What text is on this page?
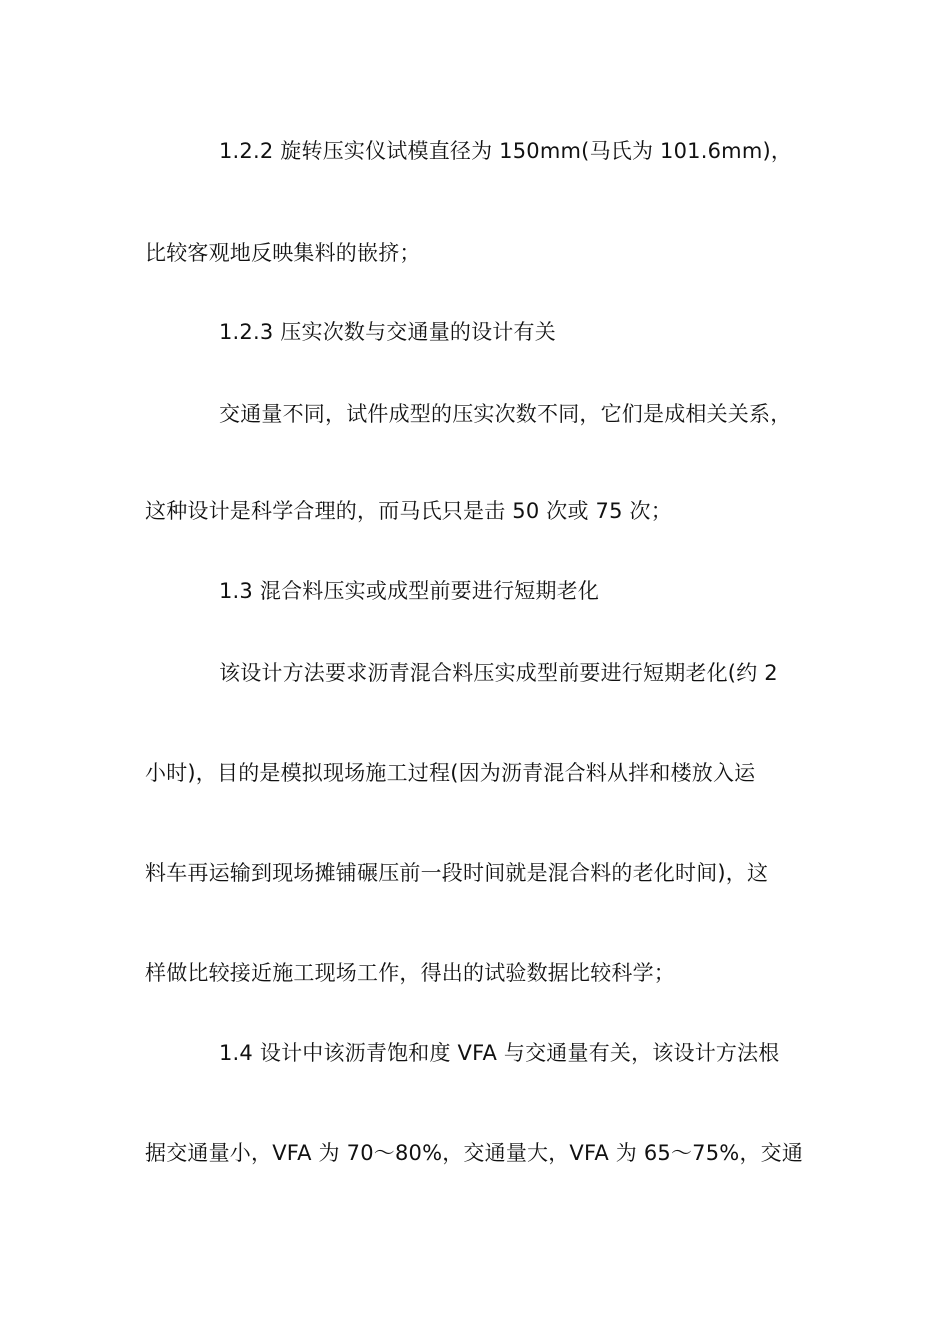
1.2.2 旋转压实仪试模直径为 150mm(马氏为 101.6mm)，
比较客观地反映集料的嵌挤；
1.2.3 压实次数与交通量的设计有关
交通量不同，试件成型的压实次数不同，它们是成相关关系，
这种设计是科学合理的，而马氏只是击 50 次或 75 次；
1.3 混合料压实或成型前要进行短期老化
该设计方法要求沥青混合料压实成型前要进行短期老化(约 2
小时)，目的是模拟现场施工过程(因为沥青混合料从拌和楼放入运
料车再运输到现场摊铺碾压前一段时间就是混合料的老化时间)，这
样做比较接近施工现场工作，得出的试验数据比较科学；
1.4 设计中该沥青饱和度 VFA 与交通量有关，该设计方法根
据交通量小，VFA 为 70～80%，交通量大，VFA 为 65～75%，交通
